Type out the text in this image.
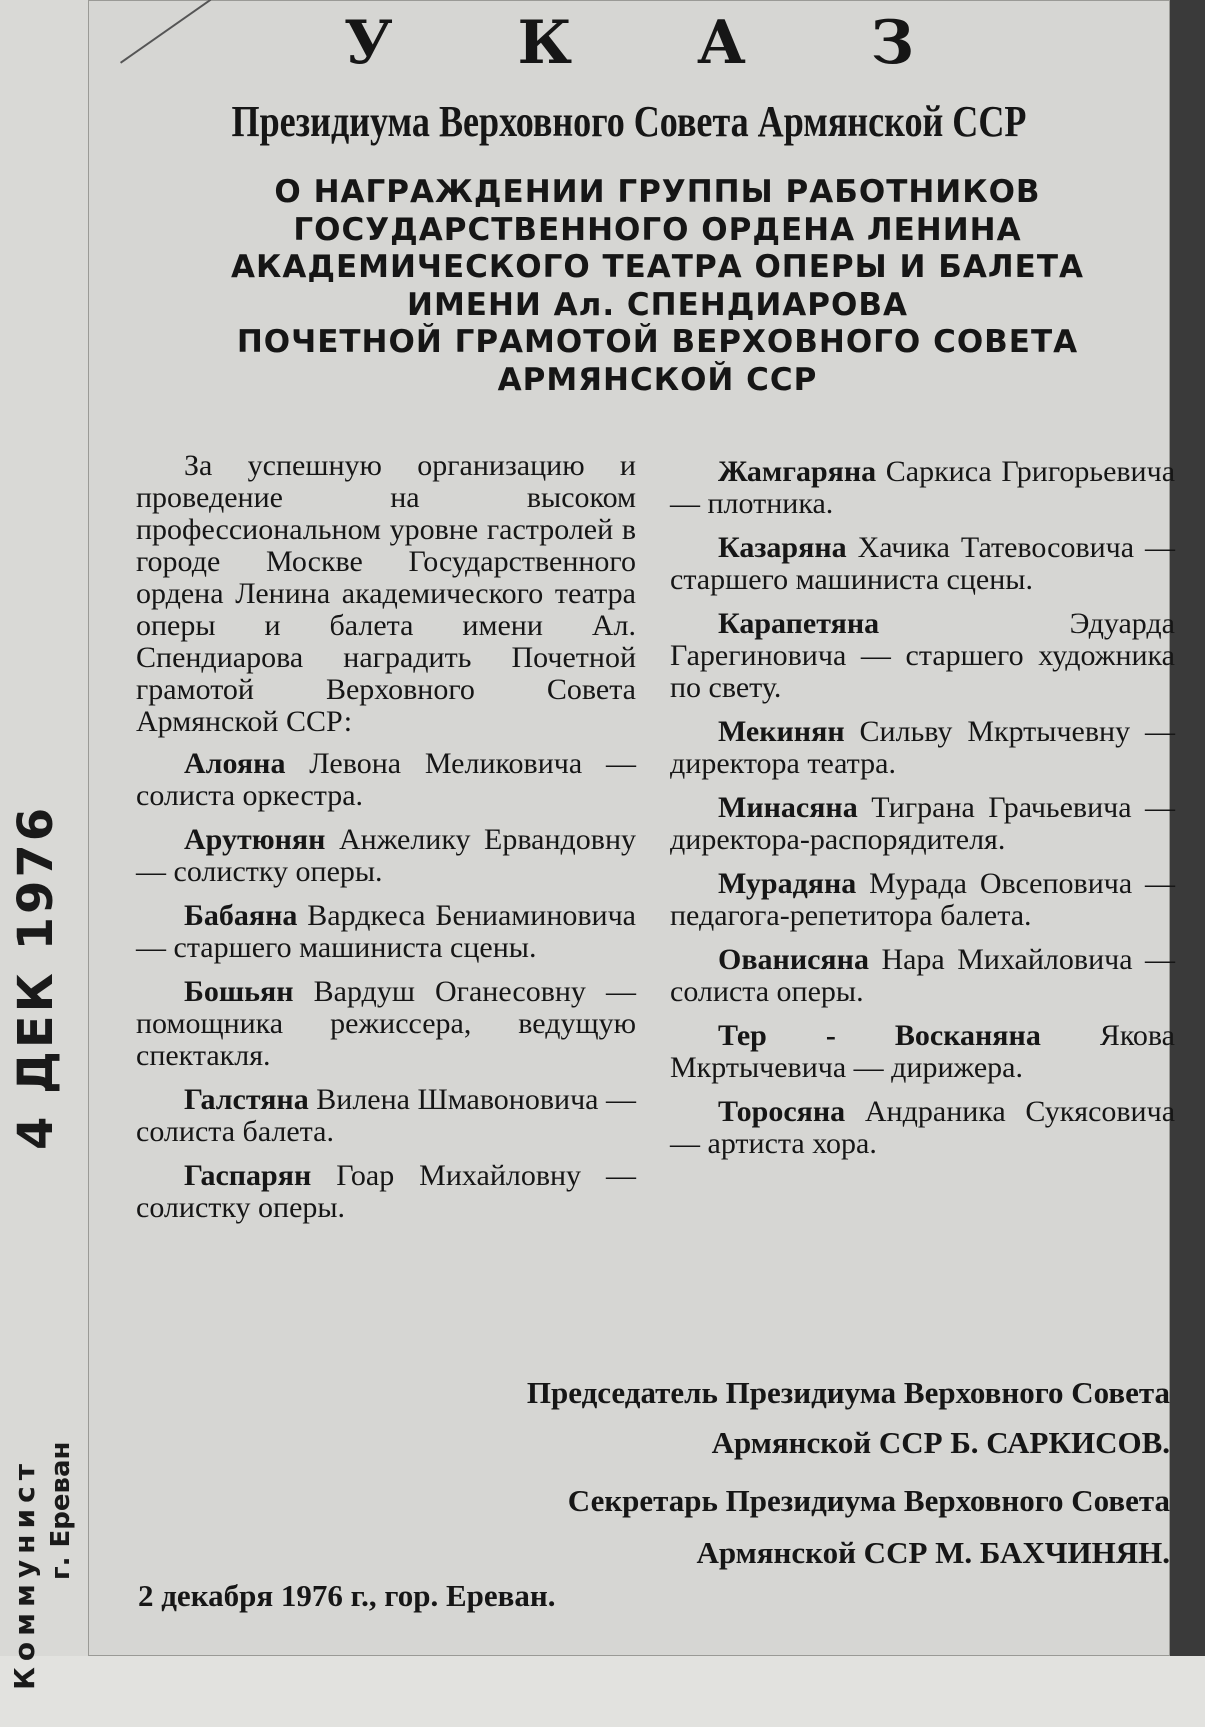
4 ДЕК 1976
Коммунист г. Ереван
У К А З
Президиума Верховного Совета Армянской ССР
О НАГРАЖДЕНИИ ГРУППЫ РАБОТНИКОВ
ГОСУДАРСТВЕННОГО ОРДЕНА ЛЕНИНА
АКАДЕМИЧЕСКОГО ТЕАТРА ОПЕРЫ И БАЛЕТА
ИМЕНИ Ал. СПЕНДИАРОВА
ПОЧЕТНОЙ ГРАМОТОЙ ВЕРХОВНОГО СОВЕТА
АРМЯНСКОЙ ССР
За успешную организацию и проведение на высоком профессиональном уровне гастролей в городе Москве Государственного ордена Ленина академического театра оперы и балета имени Ал. Спендиарова наградить Почетной грамотой Верховного Совета Армянской ССР:
Алояна Левона Меликовича — солиста оркестра.
Арутюнян Анжелику Ервандовну — солистку оперы.
Бабаяна Вардкеса Бениаминовича — старшего машиниста сцены.
Бошьян Вардуш Оганесовну — помощника режиссера, ведущую спектакля.
Галстяна Вилена Шмавоновича — солиста балета.
Гаспарян Гоар Михайловну — солистку оперы.
Жамгаряна Саркиса Григорьевича — плотника.
Казаряна Хачика Татевосовича — старшего машиниста сцены.
Карапетяна	Эдуарда Гарегиновича — старшего художника по свету.
Мекинян Сильву Мкртычевну — директора театра.
Минасяна Тиграна Грачьевича — директора-распорядителя.
Мурадяна Мурада Овсеповича — педагога-репетитора балета.
Ованисяна Нара Михайловича — солиста оперы.
Тер - Восканяна Якова Мкртычевича — дирижера.
Торосяна Андраника Сукясовича — артиста хора.
Председатель Президиума Верховного Совета
Армянской ССР Б. САРКИСОВ.
Секретарь Президиума Верховного Совета
Армянской ССР М. БАХЧИНЯН.
2 декабря 1976 г., гор. Ереван.
